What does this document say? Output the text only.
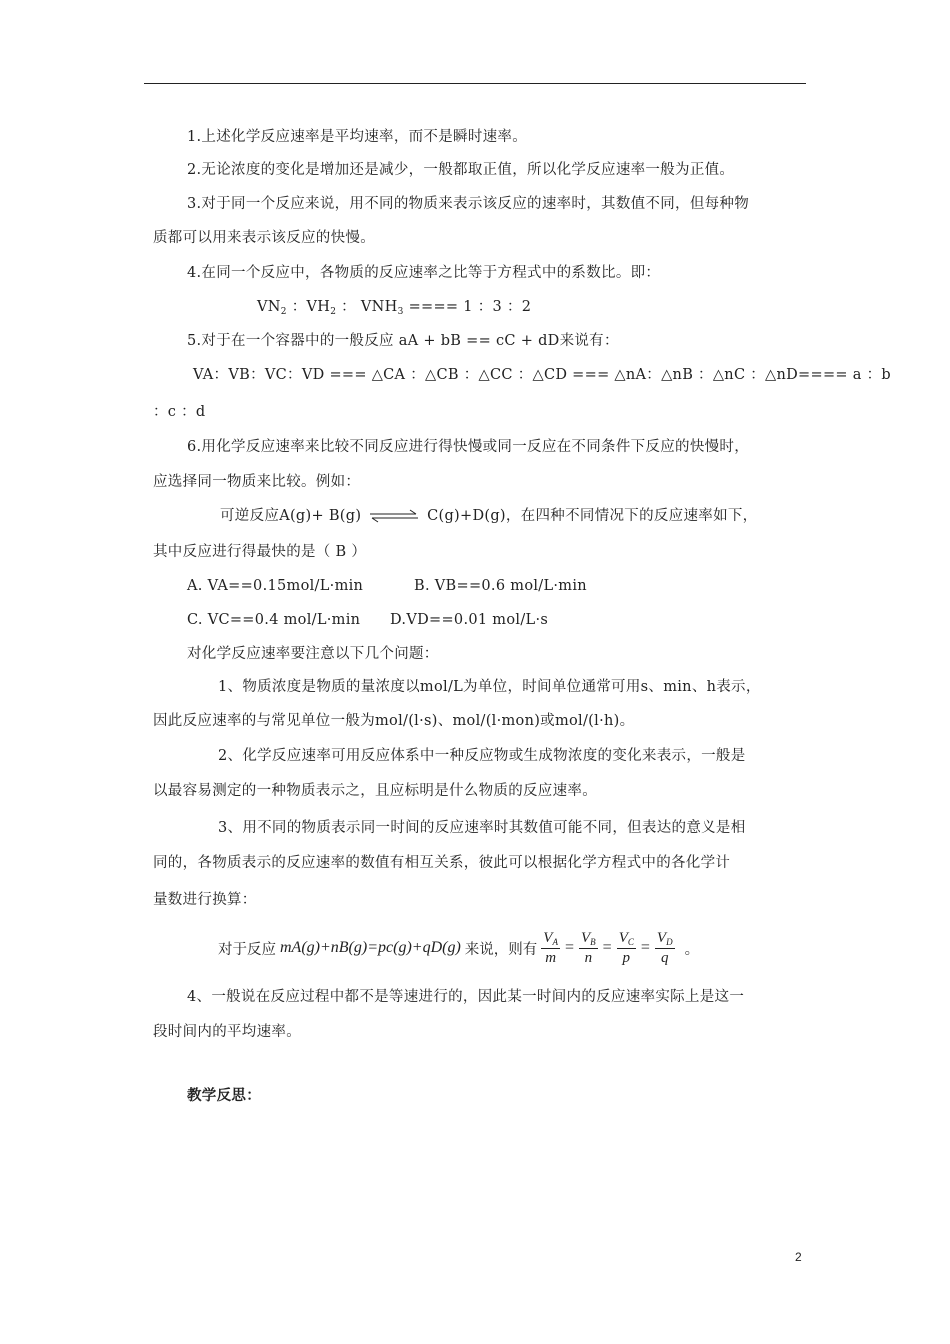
1.上述化学反应速率是平均速率，而不是瞬时速率。
2.无论浓度的变化是增加还是减少，一般都取正值，所以化学反应速率一般为正值。
3.对于同一个反应来说，用不同的物质来表示该反应的速率时，其数值不同，但每种物
质都可以用来表示该反应的快慢。
4.在同一个反应中，各物质的反应速率之比等于方程式中的系数比。即：
$VN_2$ ：$VH_2$ ： $VNH_3$ ==== 1 ：3 ：2
5.对于在一个容器中的一般反应 aA + bB == cC + dD来说有：
VA：VB：VC：VD === △CA ：△CB ：△CC ：△CD === △nA：△nB ：△nC ：△nD==== a ：b
：c ：d
6.用化学反应速率来比较不同反应进行得快慢或同一反应在不同条件下反应的快慢时，
应选择同一物质来比较。例如：
可逆反应A(g)+ B(g) ⇌ C(g)+D(g)，在四种不同情况下的反应速率如下，
其中反应进行得最快的是（ B ）
A. VA==0.15mol/L·min	B. VB==0.6 mol/L·min
C. VC==0.4 mol/L·min D.VD==0.01 mol/L·s
对化学反应速率要注意以下几个问题：
1、物质浓度是物质的量浓度以mol/L为单位，时间单位通常可用s、min、h表示，
因此反应速率的与常见单位一般为mol/(l·s)、mol/(l·mon)或mol/(l·h)。
2、化学反应速率可用反应体系中一种反应物或生成物浓度的变化来表示，一般是
以最容易测定的一种物质表示之，且应标明是什么物质的反应速率。
3、用不同的物质表示同一时间的反应速率时其数值可能不同，但表达的意义是相
同的，各物质表示的反应速率的数值有相互关系，彼此可以根据化学方程式中的各化学计
量数进行换算：
对于反应 mA(g)+nB(g)=pc(g)+qD(g) 来说，则有 $\frac{V_A}{m} = \frac{V_B}{n} = \frac{V_C}{p} = \frac{V_D}{q}$ 。
4、一般说在反应过程中都不是等速进行的，因此某一时间内的反应速率实际上是这一
段时间内的平均速率。
教学反思：
2
